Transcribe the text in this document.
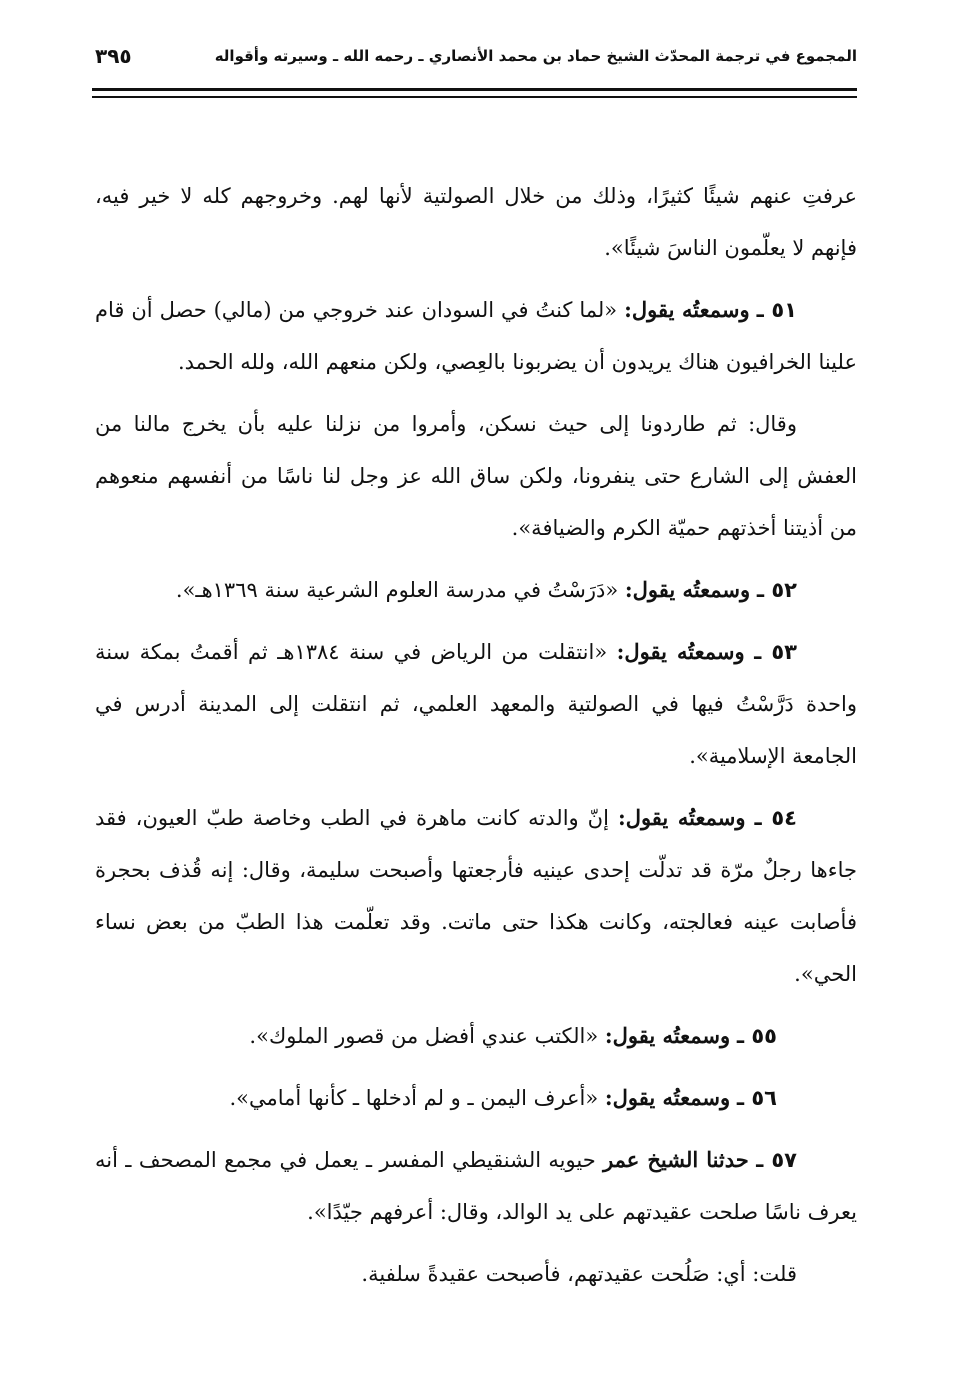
المجموع في ترجمة المحدّث الشيخ حماد بن محمد الأنصاري ـ رحمه الله ـ وسيرته وأقواله
٣٩٥

عرفتِ عنهم شيئًا كثيرًا، وذلك من خلال الصولتية لأنها لهم. وخروجهم كله لا خير فيه، فإنهم لا يعلّمون الناسَ شيئًا».

٥١ ـ وسمعتُه يقول: «لما كنتُ في السودان عند خروجي من (مالي) حصل أن قام علينا الخرافيون هناك يريدون أن يضربونا بالعِصي، ولكن منعهم الله، ولله الحمد.

وقال: ثم طاردونا إلى حيث نسكن، وأمروا من نزلنا عليه بأن يخرج مالنا من العفش إلى الشارع حتى ينفرونا، ولكن ساق الله عز وجل لنا ناسًا من أنفسهم منعوهم من أذيتنا أخذتهم حميّة الكرم والضيافة».

٥٢ ـ وسمعتُه يقول: «دَرَسْتُ في مدرسة العلوم الشرعية سنة ١٣٦٩هـ».

٥٣ ـ وسمعتُه يقول: «انتقلت من الرياض في سنة ١٣٨٤هـ ثم أقمتُ بمكة سنة واحدة دَرَّسْتُ فيها في الصولتية والمعهد العلمي، ثم انتقلت إلى المدينة أدرس في الجامعة الإسلامية».

٥٤ ـ وسمعتُه يقول: إنّ والدته كانت ماهرة في الطب وخاصة طبّ العيون، فقد جاءها رجلٌ مرّة قد تدلّت إحدى عينيه فأرجعتها وأصبحت سليمة، وقال: إنه قُذف بحجرة فأصابت عينه فعالجته، وكانت هكذا حتى ماتت. وقد تعلّمت هذا الطبّ من بعض نساء الحي».

٥٥ ـ وسمعتُه يقول: «الكتب عندي أفضل من قصور الملوك».

٥٦ ـ وسمعتُه يقول: «أعرف اليمن ـ و لم أدخلها ـ كأنها أمامي».

٥٧ ـ حدثنا الشيخ عمر حيويه الشنقيطي المفسر ـ يعمل في مجمع المصحف ـ أنه يعرف ناسًا صلحت عقيدتهم على يد الوالد، وقال: أعرفهم جيّدًا».

قلت: أي: صَلُحت عقيدتهم، فأصبحت عقيدةً سلفية.
